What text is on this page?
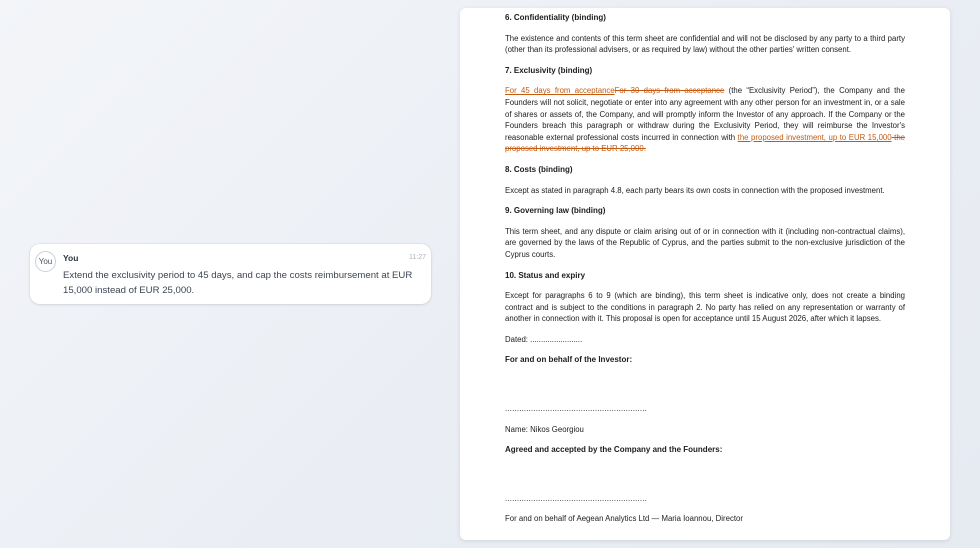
You	You	11:27
Extend the exclusivity period to 45 days, and cap the costs reimbursement at EUR 15,000 instead of EUR 25,000.
6. Confidentiality (binding)
The existence and contents of this term sheet are confidential and will not be disclosed by any party to a third party (other than its professional advisers, or as required by law) without the other parties' written consent.
7. Exclusivity (binding)
For 45 days from acceptanceFor 30 days from acceptance (the “Exclusivity Period”), the Company and the Founders will not solicit, negotiate or enter into any agreement with any other person for an investment in, or a sale of shares or assets of, the Company, and will promptly inform the Investor of any approach. If the Company or the Founders breach this paragraph or withdraw during the Exclusivity Period, they will reimburse the Investor's reasonable external professional costs incurred in connection with the proposed investment, up to EUR 15,000 the proposed investment, up to EUR 25,000.
8. Costs (binding)
Except as stated in paragraph 4.8, each party bears its own costs in connection with the proposed investment.
9. Governing law (binding)
This term sheet, and any dispute or claim arising out of or in connection with it (including non-contractual claims), are governed by the laws of the Republic of Cyprus, and the parties submit to the non-exclusive jurisdiction of the Cyprus courts.
10. Status and expiry
Except for paragraphs 6 to 9 (which are binding), this term sheet is indicative only, does not create a binding contract and is subject to the conditions in paragraph 2. No party has relied on any representation or warranty of another in connection with it. This proposal is open for acceptance until 15 August 2026, after which it lapses.
Dated: ........................
For and on behalf of the Investor:
............................................................
Name: Nikos Georgiou
Agreed and accepted by the Company and the Founders:
............................................................
For and on behalf of Aegean Analytics Ltd — Maria Ioannou, Director
